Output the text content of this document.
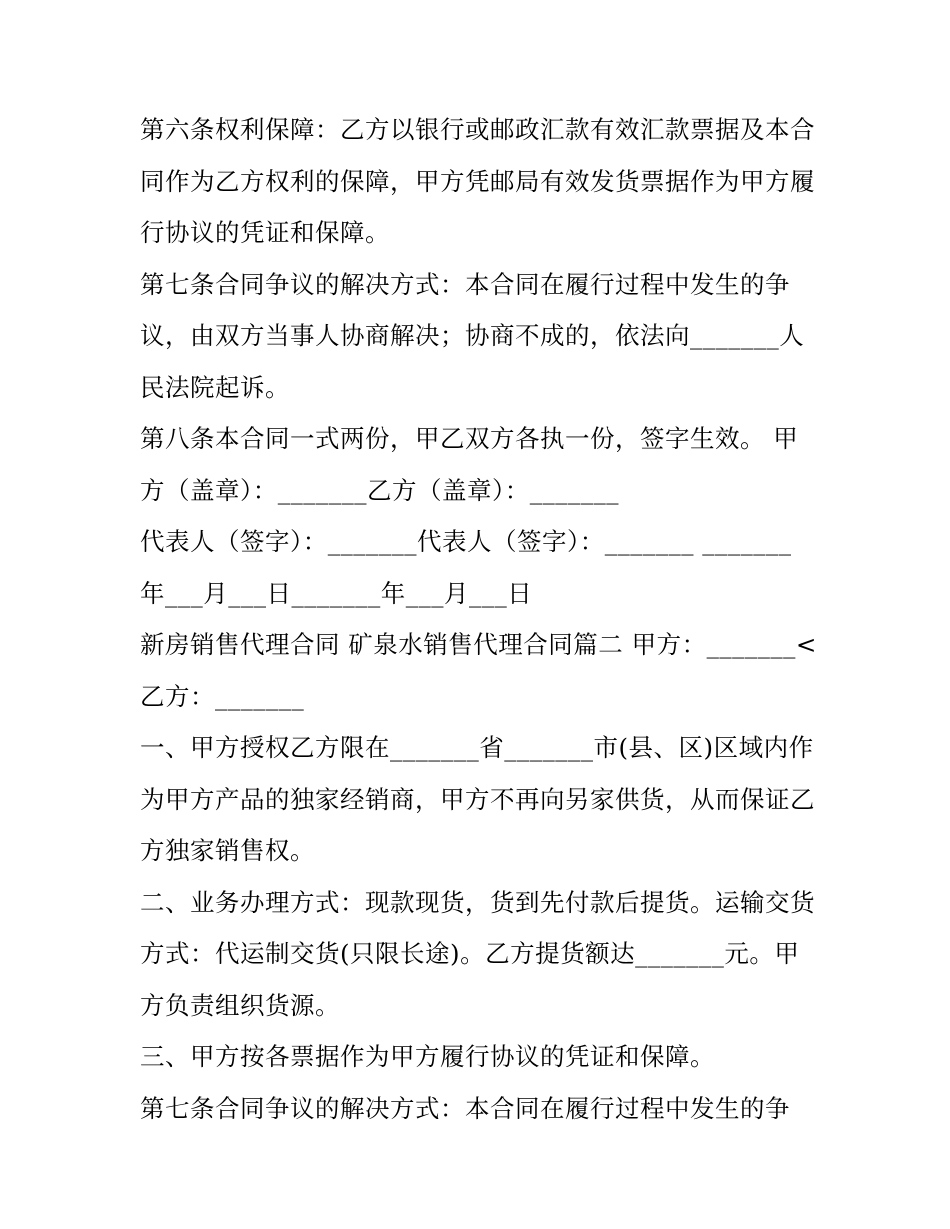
第六条权利保障：乙方以银行或邮政汇款有效汇款票据及本合
同作为乙方权利的保障，甲方凭邮局有效发货票据作为甲方履
行协议的凭证和保障。
第七条合同争议的解决方式：本合同在履行过程中发生的争
议，由双方当事人协商解决；协商不成的，依法向_______人
民法院起诉。
第八条本合同一式两份，甲乙双方各执一份，签字生效。 甲
方（盖章）：_______乙方（盖章）：_______
代表人（签字）：_______代表人（签字）：_______ _______
年___月___日_______年___月___日
新房销售代理合同 矿泉水销售代理合同篇二 甲方：_______<
乙方：_______
一、甲方授权乙方限在_______省_______市(县、区)区域内作
为甲方产品的独家经销商，甲方不再向另家供货，从而保证乙
方独家销售权。
二、业务办理方式：现款现货，货到先付款后提货。运输交货
方式：代运制交货(只限长途)。乙方提货额达_______元。甲
方负责组织货源。
三、甲方按各票据作为甲方履行协议的凭证和保障。
第七条合同争议的解决方式：本合同在履行过程中发生的争
